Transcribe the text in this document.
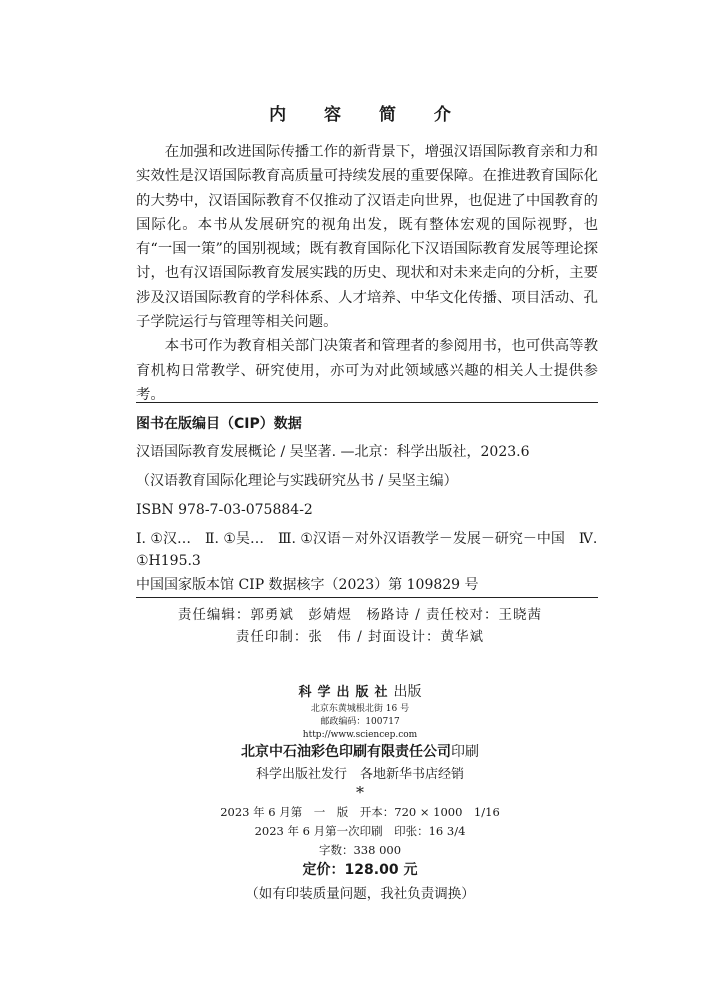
内 容 简 介

在加强和改进国际传播工作的新背景下，增强汉语国际教育亲和力和实效性是汉语国际教育高质量可持续发展的重要保障。在推进教育国际化的大势中，汉语国际教育不仅推动了汉语走向世界，也促进了中国教育的国际化。本书从发展研究的视角出发，既有整体宏观的国际视野，也有“一国一策”的国别视域；既有教育国际化下汉语国际教育发展等理论探讨，也有汉语国际教育发展实践的历史、现状和对未来走向的分析，主要涉及汉语国际教育的学科体系、人才培养、中华文化传播、项目活动、孔子学院运行与管理等相关问题。

本书可作为教育相关部门决策者和管理者的参阅用书，也可供高等教育机构日常教学、研究使用，亦可为对此领域感兴趣的相关人士提供参考。

图书在版编目（CIP）数据
汉语国际教育发展概论 / 吴坚著. —北京：科学出版社，2023.6
（汉语教育国际化理论与实践研究丛书 / 吴坚主编）
ISBN 978-7-03-075884-2
Ⅰ. ①汉…　Ⅱ. ①吴…　Ⅲ. ①汉语－对外汉语教学－发展－研究－中国　Ⅳ. ①H195.3
中国国家版本馆 CIP 数据核字（2023）第 109829 号
责任编辑：郭勇斌　彭婧煜　杨路诗 / 责任校对：王晓茜
责任印制：张　伟 / 封面设计：黄华斌
科学出版社出版
北京东黄城根北街 16 号
邮政编码：100717
http://www.sciencep.com
北京中石油彩色印刷有限责任公司印刷
科学出版社发行　各地新华书店经销
*
2023 年 6 月第　一　版　开本：720 × 1000　1/16
2023 年 6 月第一次印刷　印张：16 3/4
字数：338 000
定价：128.00 元
（如有印装质量问题，我社负责调换）
